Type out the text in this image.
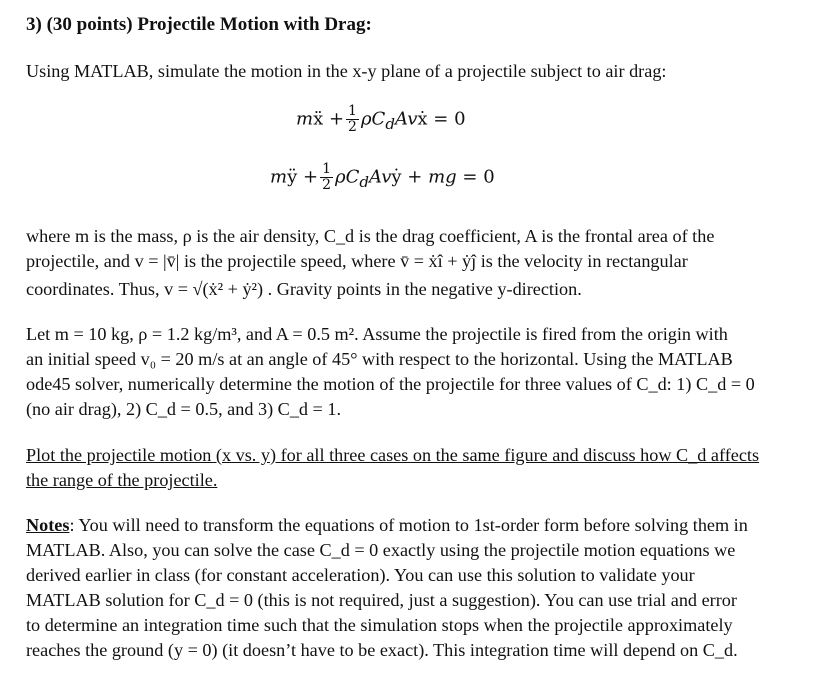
3) (30 points) Projectile Motion with Drag:
Using MATLAB, simulate the motion in the x-y plane of a projectile subject to air drag:
mẍ + $\frac{1}{2}$ $\rho C_dAvẋ = 0$
mÿ + $\frac{1}{2}$ $\rho C_dAvẏ$ + mg = 0
where m is the mass, ρ is the air density, C_d is the drag coefficient, A is the frontal area of the
projectile, and v = |v̄| is the projectile speed, where v̄ = ẋî + ẏĵ is the velocity in rectangular
coordinates. Thus, v = √(ẋ² + ẏ²) . Gravity points in the negative y-direction.
Let m = 10 kg, ρ = 1.2 kg/m³, and A = 0.5 m². Assume the projectile is fired from the origin with
an initial speed v₀ = 20 m/s at an angle of 45° with respect to the horizontal. Using the MATLAB
ode45 solver, numerically determine the motion of the projectile for three values of C_d: 1) C_d = 0
(no air drag), 2) C_d = 0.5, and 3) C_d = 1.
Plot the projectile motion (x vs. y) for all three cases on the same figure and discuss how C_d affects
the range of the projectile.
Notes: You will need to transform the equations of motion to 1st-order form before solving them in
MATLAB. Also, you can solve the case C_d = 0 exactly using the projectile motion equations we
derived earlier in class (for constant acceleration). You can use this solution to validate your
MATLAB solution for C_d = 0 (this is not required, just a suggestion). You can use trial and error
to determine an integration time such that the simulation stops when the projectile approximately
reaches the ground (y = 0) (it doesn’t have to be exact). This integration time will depend on C_d.
